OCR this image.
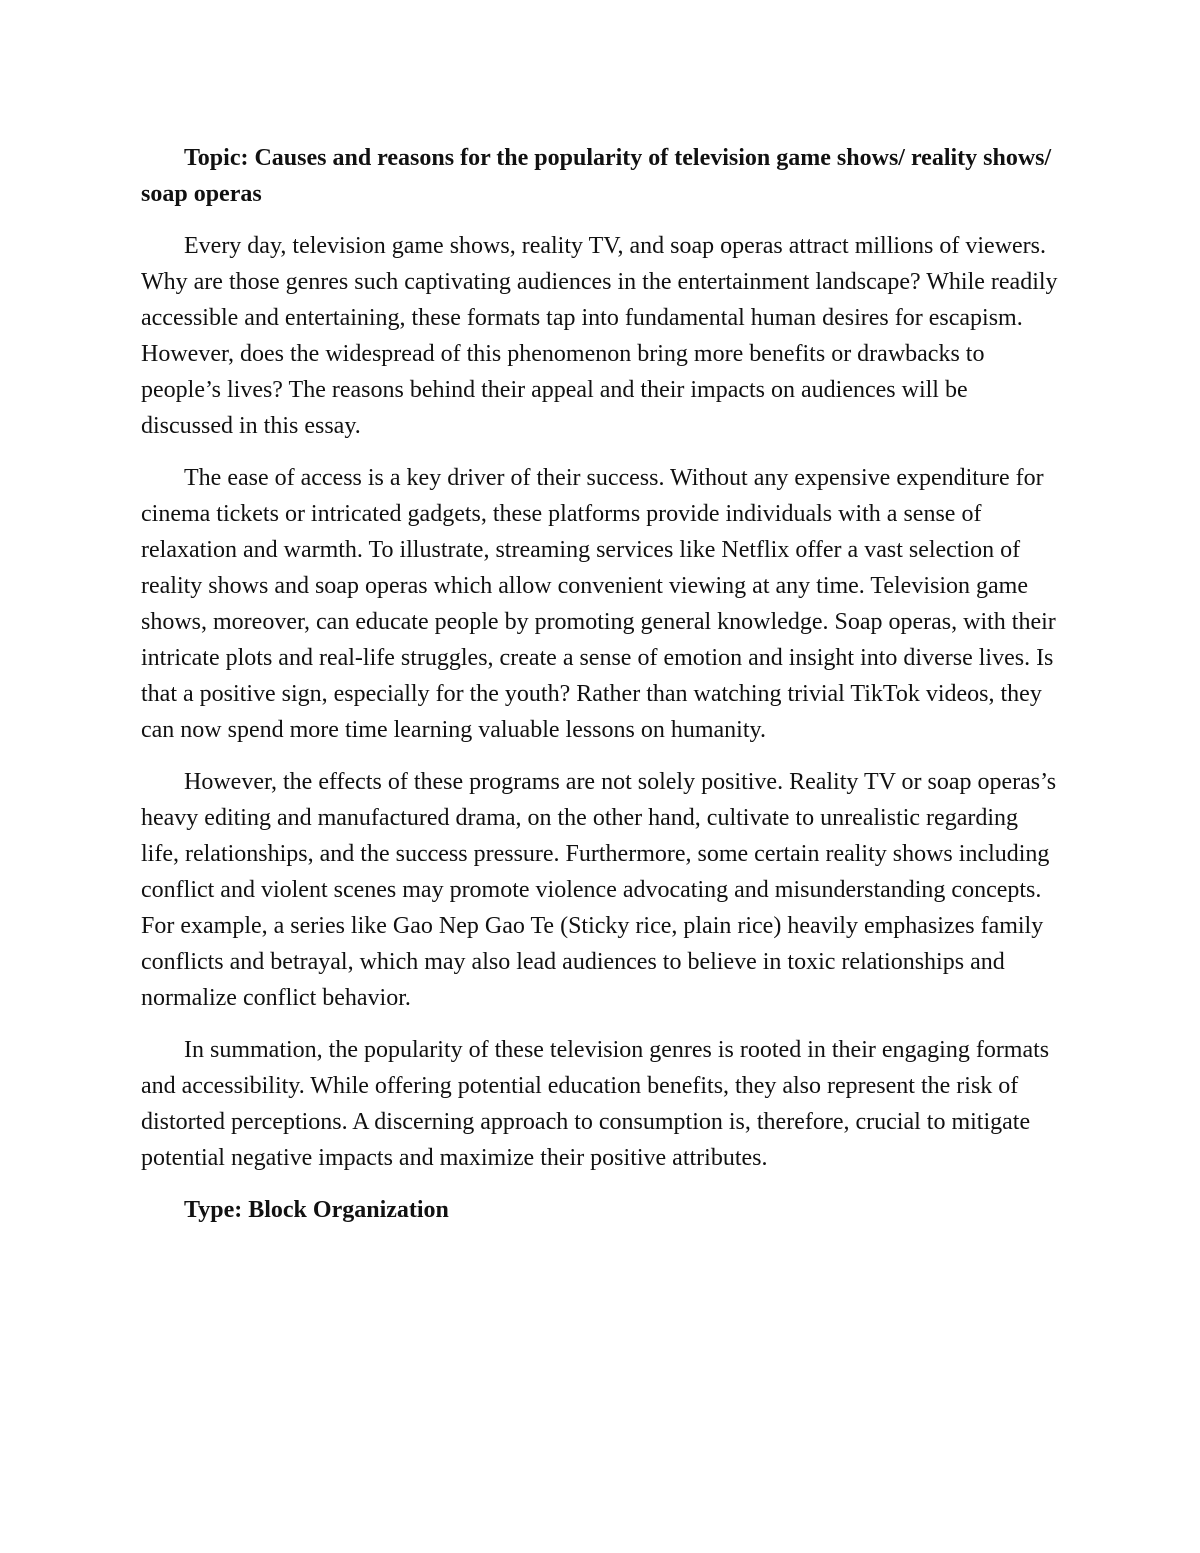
Topic: Causes and reasons for the popularity of television game shows/ reality shows/ soap operas

Every day, television game shows, reality TV, and soap operas attract millions of viewers. Why are those genres such captivating audiences in the entertainment landscape? While readily accessible and entertaining, these formats tap into fundamental human desires for escapism. However, does the widespread of this phenomenon bring more benefits or drawbacks to people’s lives? The reasons behind their appeal and their impacts on audiences will be discussed in this essay.

The ease of access is a key driver of their success. Without any expensive expenditure for cinema tickets or intricated gadgets, these platforms provide individuals with a sense of relaxation and warmth. To illustrate, streaming services like Netflix offer a vast selection of reality shows and soap operas which allow convenient viewing at any time. Television game shows, moreover, can educate people by promoting general knowledge. Soap operas, with their intricate plots and real-life struggles, create a sense of emotion and insight into diverse lives. Is that a positive sign, especially for the youth? Rather than watching trivial TikTok videos, they can now spend more time learning valuable lessons on humanity.

However, the effects of these programs are not solely positive. Reality TV or soap operas’s heavy editing and manufactured drama, on the other hand, cultivate to unrealistic regarding life, relationships, and the success pressure. Furthermore, some certain reality shows including conflict and violent scenes may promote violence advocating and misunderstanding concepts. For example, a series like Gao Nep Gao Te (Sticky rice, plain rice) heavily emphasizes family conflicts and betrayal, which may also lead audiences to believe in toxic relationships and normalize conflict behavior.

In summation, the popularity of these television genres is rooted in their engaging formats and accessibility. While offering potential education benefits, they also represent the risk of distorted perceptions. A discerning approach to consumption is, therefore, crucial to mitigate potential negative impacts and maximize their positive attributes.

Type: Block Organization
